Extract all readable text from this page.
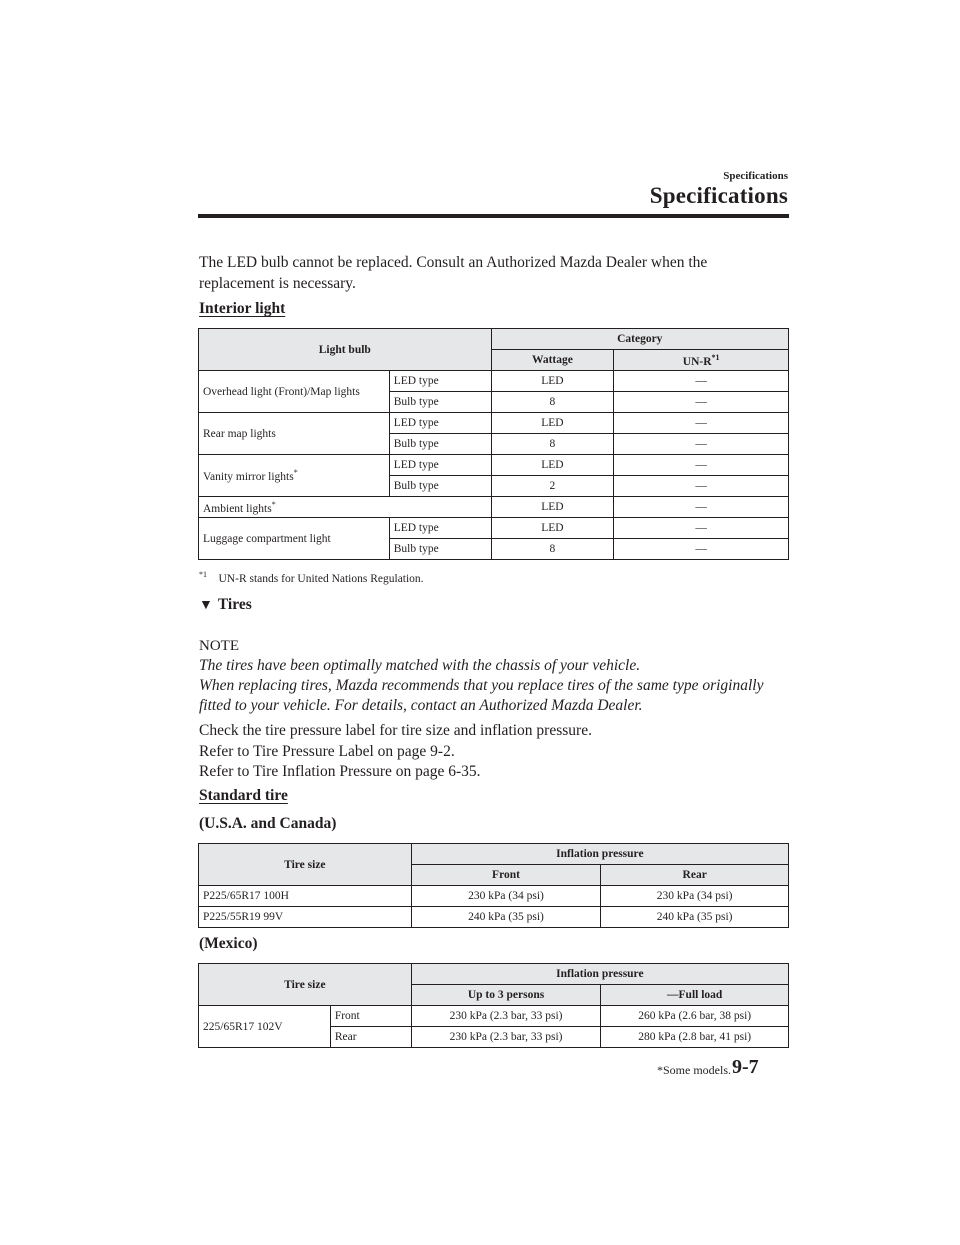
Specifications
Specifications
The LED bulb cannot be replaced. Consult an Authorized Mazda Dealer when the
replacement is necessary.
Interior light
Light bulb		Category	
		Wattage	$UN-R^{*1}$
Overhead light (Front)/Map lights	LED type	LED	—
	Bulb type	8	—
Rear map lights	LED type	LED	—
	Bulb type	8	—
Vanity mirror lights*	LED type	LED	—
	Bulb type	2	—
Ambient lights*		LED	—
Luggage compartment light	LED type	LED	—
	Bulb type	8	—
$^{*1}$ UN-R stands for United Nations Regulation.
▼ Tires
NOTE
The tires have been optimally matched with the chassis of your vehicle.
When replacing tires, Mazda recommends that you replace tires of the same type originally
fitted to your vehicle. For details, contact an Authorized Mazda Dealer.
Check the tire pressure label for tire size and inflation pressure.
Refer to Tire Pressure Label on page 9-2.
Refer to Tire Inflation Pressure on page 6-35.
Standard tire
(U.S.A. and Canada)
Tire size	Inflation pressure	
	Front	Rear
P225/65R17 100H	230 kPa (34 psi)	230 kPa (34 psi)
P225/55R19 99V	240 kPa (35 psi)	240 kPa (35 psi)
(Mexico)
Tire size		Inflation pressure	
		Up to 3 persons	—Full load
225/65R17 102V	Front	230 kPa (2.3 bar, 33 psi)	260 kPa (2.6 bar, 38 psi)
	Rear	230 kPa (2.3 bar, 33 psi)	280 kPa (2.8 bar, 41 psi)
*Some models. 9-7
